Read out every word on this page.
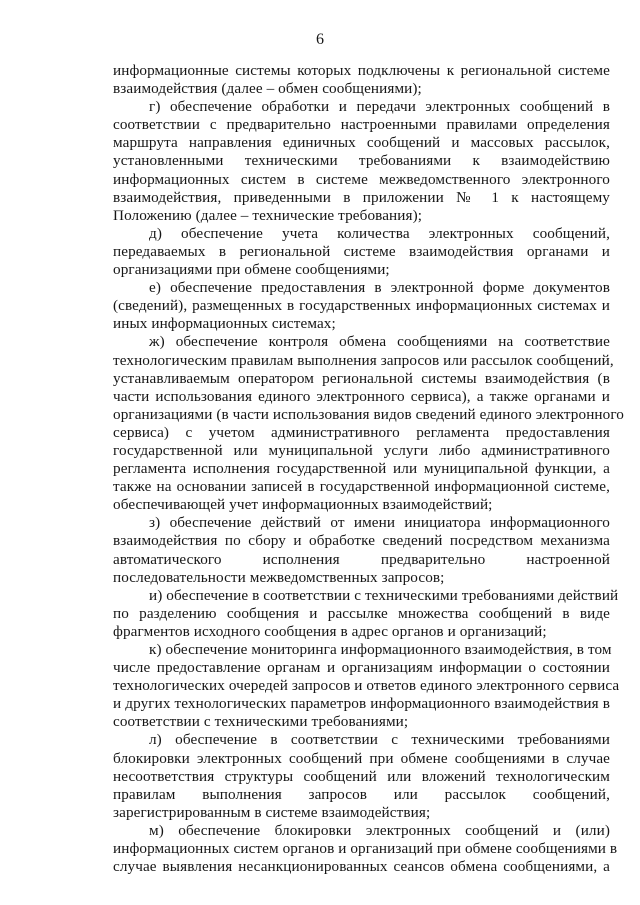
6
информационные системы которых подключены к региональной системе
взаимодействия (далее – обмен сообщениями);
г) обеспечение обработки и передачи электронных сообщений в
соответствии с предварительно настроенными правилами определения
маршрута направления единичных сообщений и массовых рассылок,
установленными техническими требованиями к взаимодействию
информационных систем в системе межведомственного электронного
взаимодействия, приведенными в приложении № 1 к настоящему
Положению (далее – технические требования);
д) обеспечение учета количества электронных сообщений,
передаваемых в региональной системе взаимодействия органами и
организациями при обмене сообщениями;
е) обеспечение предоставления в электронной форме документов
(сведений), размещенных в государственных информационных системах и
иных информационных системах;
ж) обеспечение контроля обмена сообщениями на соответствие
технологическим правилам выполнения запросов или рассылок сообщений,
устанавливаемым оператором региональной системы взаимодействия (в
части использования единого электронного сервиса), а также органами и
организациями (в части использования видов сведений единого электронного
сервиса) с учетом административного регламента предоставления
государственной или муниципальной услуги либо административного
регламента исполнения государственной или муниципальной функции, а
также на основании записей в государственной информационной системе,
обеспечивающей учет информационных взаимодействий;
з) обеспечение действий от имени инициатора информационного
взаимодействия по сбору и обработке сведений посредством механизма
автоматического исполнения предварительно настроенной
последовательности межведомственных запросов;
и) обеспечение в соответствии с техническими требованиями действий
по разделению сообщения и рассылке множества сообщений в виде
фрагментов исходного сообщения в адрес органов и организаций;
к) обеспечение мониторинга информационного взаимодействия, в том
числе предоставление органам и организациям информации о состоянии
технологических очередей запросов и ответов единого электронного сервиса
и других технологических параметров информационного взаимодействия в
соответствии с техническими требованиями;
л) обеспечение в соответствии с техническими требованиями
блокировки электронных сообщений при обмене сообщениями в случае
несоответствия структуры сообщений или вложений технологическим
правилам выполнения запросов или рассылок сообщений,
зарегистрированным в системе взаимодействия;
м) обеспечение блокировки электронных сообщений и (или)
информационных систем органов и организаций при обмене сообщениями в
случае выявления несанкционированных сеансов обмена сообщениями, а
